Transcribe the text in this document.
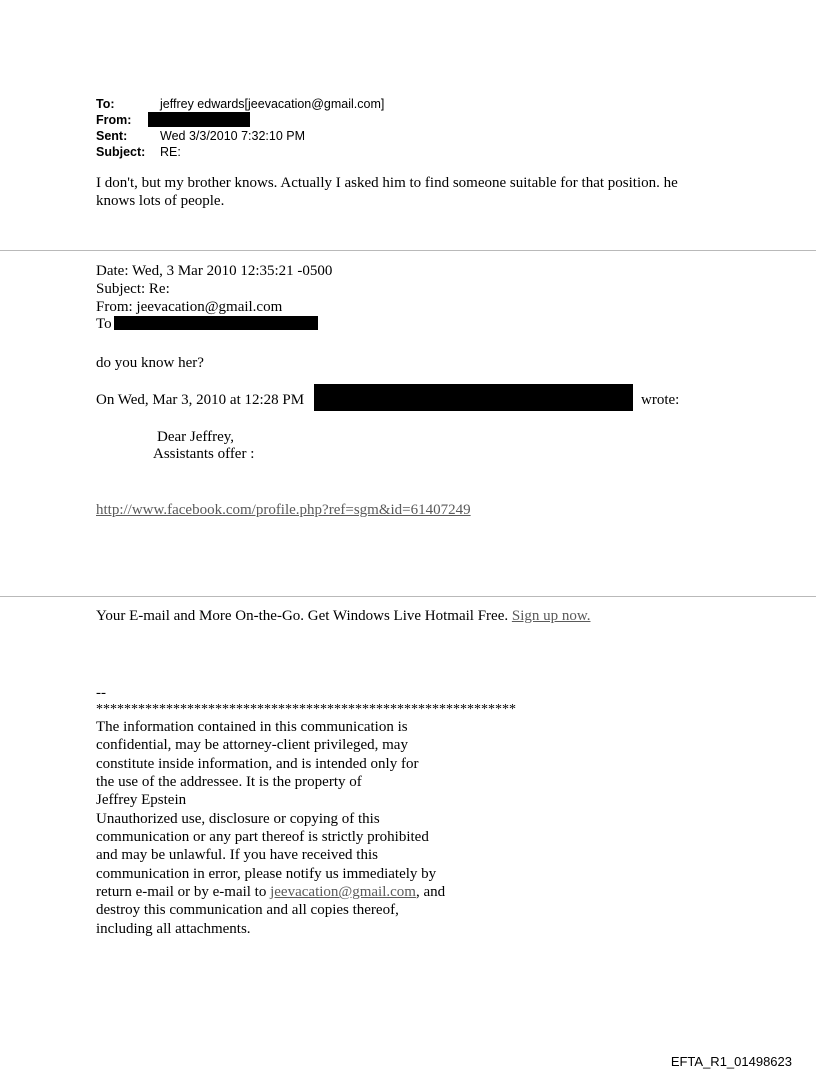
To:	jeffrey edwards[jeevacation@gmail.com]
From:
Sent:	Wed 3/3/2010 7:32:10 PM
Subject: RE:
I don't, but my brother knows. Actually I asked him to find someone suitable for that position. he
knows lots of people.
Date: Wed, 3 Mar 2010 12:35:21 -0500
Subject: Re:
From: jeevacation@gmail.com
To
do you know her?
On Wed, Mar 3, 2010 at 12:28 PM	wrote:
Dear Jeffrey,
Assistants offer :
http://www.facebook.com/profile.php?ref=sgm&id=61407249
Your E-mail and More On-the-Go. Get Windows Live Hotmail Free. Sign up now.
--
************************************************************
The information contained in this communication is
confidential, may be attorney-client privileged, may
constitute inside information, and is intended only for
the use of the addressee. It is the property of
Jeffrey Epstein
Unauthorized use, disclosure or copying of this
communication or any part thereof is strictly prohibited
and may be unlawful. If you have received this
communication in error, please notify us immediately by
return e-mail or by e-mail to jeevacation@gmail.com, and
destroy this communication and all copies thereof,
including all attachments.
EFTA_R1_01498623
